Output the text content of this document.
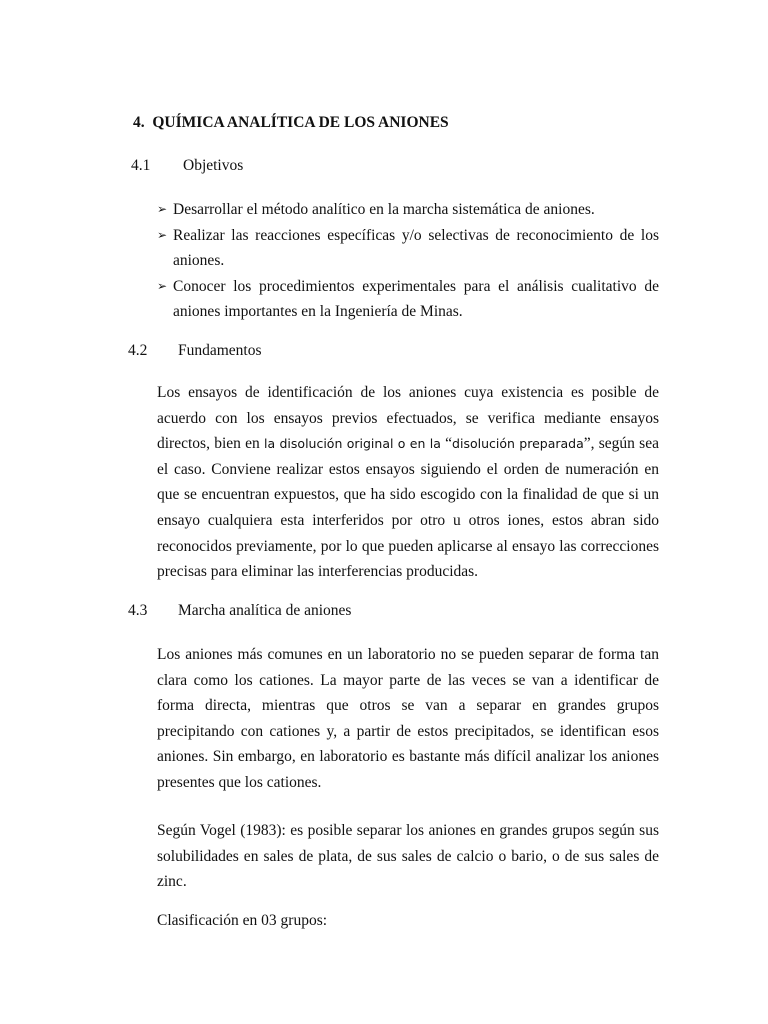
4. QUÍMICA ANALÍTICA DE LOS ANIONES
4.1 Objetivos
➢ Desarrollar el método analítico en la marcha sistemática de aniones.
➢ Realizar las reacciones específicas y/o selectivas de reconocimiento de los aniones.
➢ Conocer los procedimientos experimentales para el análisis cualitativo de aniones importantes en la Ingeniería de Minas.
4.2 Fundamentos
Los ensayos de identificación de los aniones cuya existencia es posible de acuerdo con los ensayos previos efectuados, se verifica mediante ensayos directos, bien en la disolución original o en la “disolución preparada”, según sea el caso. Conviene realizar estos ensayos siguiendo el orden de numeración en que se encuentran expuestos, que ha sido escogido con la finalidad de que si un ensayo cualquiera esta interferidos por otro u otros iones, estos abran sido reconocidos previamente, por lo que pueden aplicarse al ensayo las correcciones precisas para eliminar las interferencias producidas.
4.3 Marcha analítica de aniones
Los aniones más comunes en un laboratorio no se pueden separar de forma tan clara como los cationes. La mayor parte de las veces se van a identificar de forma directa, mientras que otros se van a separar en grandes grupos precipitando con cationes y, a partir de estos precipitados, se identifican esos aniones. Sin embargo, en laboratorio es bastante más difícil analizar los aniones presentes que los cationes.
Según Vogel (1983): es posible separar los aniones en grandes grupos según sus solubilidades en sales de plata, de sus sales de calcio o bario, o de sus sales de zinc.
Clasificación en 03 grupos:
